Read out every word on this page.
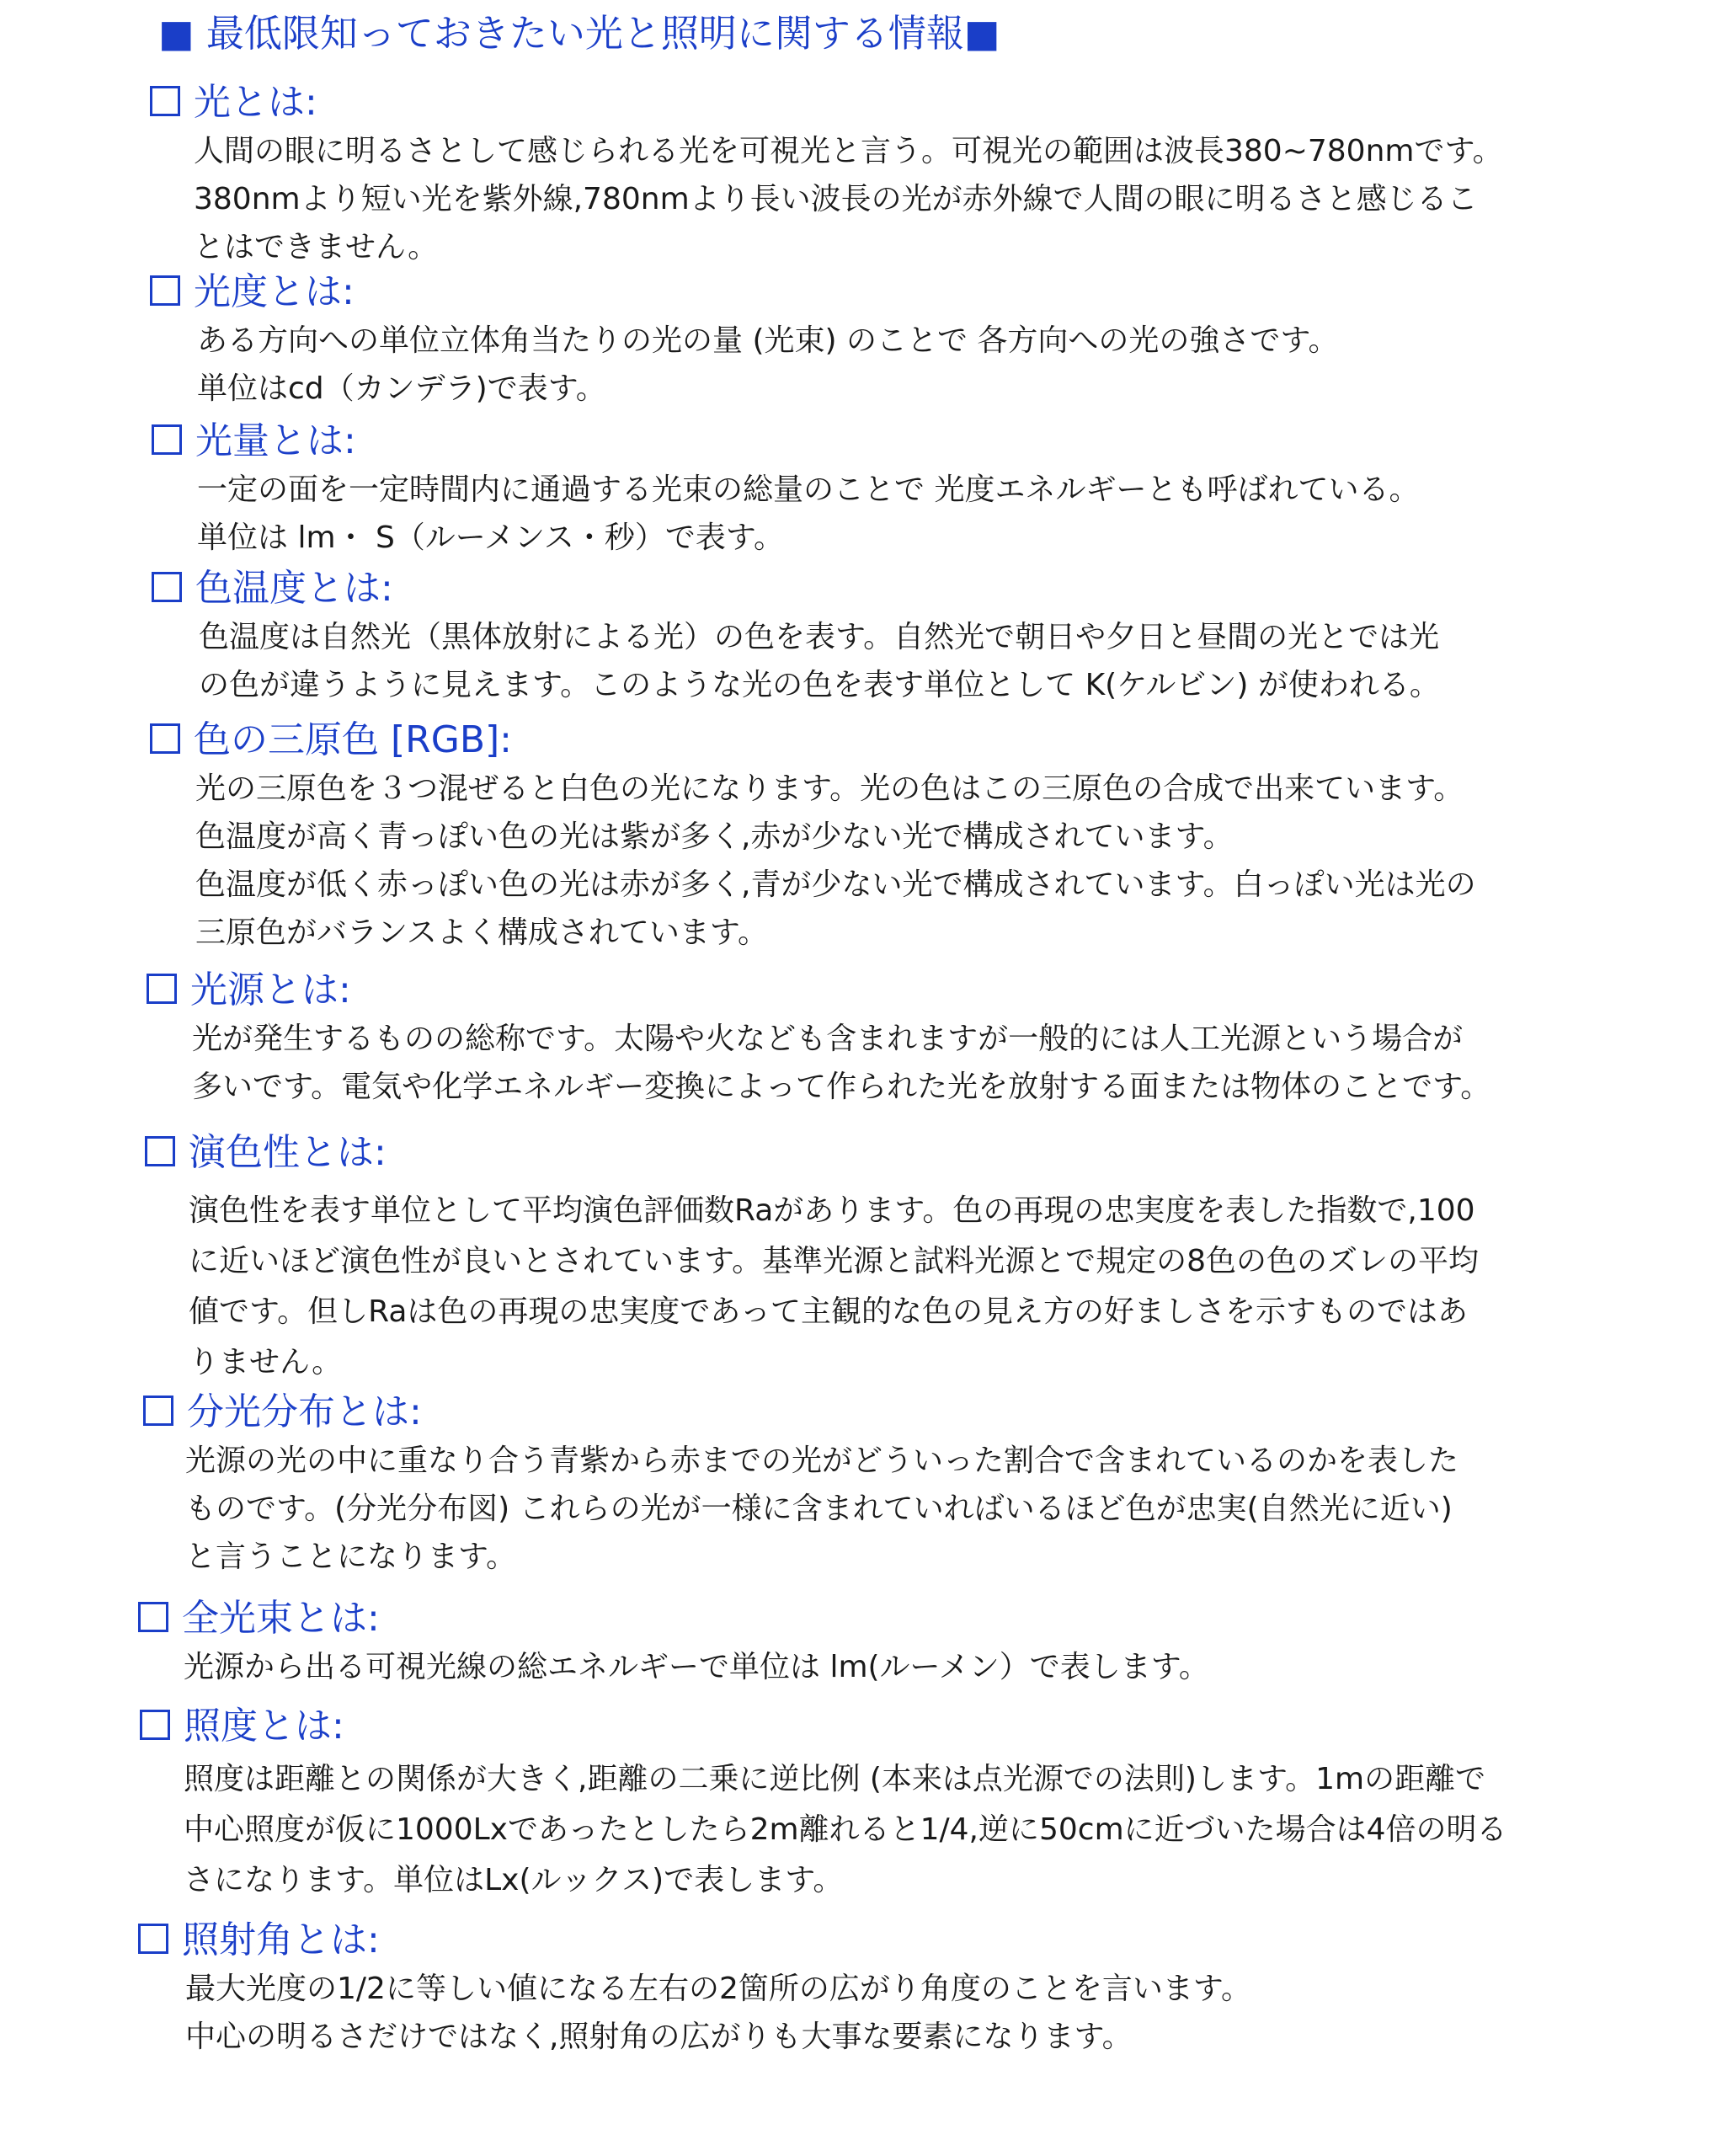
■ 最低限知っておきたい光と照明に関する情報■
光とは:

人間の眼に明るさとして感じられる光を可視光と言う。可視光の範囲は波長380~780nmです。
380nmより短い光を紫外線,780nmより長い波長の光が赤外線で人間の眼に明るさと感じるこ
とはできません。

光度とは:

ある方向への単位立体角当たりの光の量 (光束) のことで 各方向への光の強さです。
単位はcd（カンデラ)で表す。

光量とは:

一定の面を一定時間内に通過する光束の総量のことで 光度エネルギーとも呼ばれている。
単位は lm・ S（ルーメンス・秒）で表す。

色温度とは:

色温度は自然光（黒体放射による光）の色を表す。自然光で朝日や夕日と昼間の光とでは光
の色が違うように見えます。このような光の色を表す単位として K(ケルビン) が使われる。

色の三原色 [RGB]:

光の三原色を３つ混ぜると白色の光になります。光の色はこの三原色の合成で出来ています。
色温度が高く青っぽい色の光は紫が多く,赤が少ない光で構成されています。
色温度が低く赤っぽい色の光は赤が多く,青が少ない光で構成されています。白っぽい光は光の
三原色がバランスよく構成されています。

光源とは:

光が発生するものの総称です。太陽や火なども含まれますが一般的には人工光源という場合が
多いです。電気や化学エネルギー変換によって作られた光を放射する面または物体のことです。

演色性とは:

演色性を表す単位として平均演色評価数Raがあります。色の再現の忠実度を表した指数で,100
に近いほど演色性が良いとされています。基準光源と試料光源とで規定の8色の色のズレの平均
値です。但しRaは色の再現の忠実度であって主観的な色の見え方の好ましさを示すものではあ
りません。

分光分布とは:

光源の光の中に重なり合う青紫から赤までの光がどういった割合で含まれているのかを表した
ものです。(分光分布図) これらの光が一様に含まれていればいるほど色が忠実(自然光に近い)
と言うことになります。

全光束とは:

光源から出る可視光線の総エネルギーで単位は lm(ルーメン）で表します。

照度とは:

照度は距離との関係が大きく,距離の二乗に逆比例 (本来は点光源での法則)します。1mの距離で
中心照度が仮に1000Lxであったとしたら2m離れると1/4,逆に50cmに近づいた場合は4倍の明る
さになります。単位はLx(ルックス)で表します。

照射角とは:

最大光度の1/2に等しい値になる左右の2箇所の広がり角度のことを言います。
中心の明るさだけではなく,照射角の広がりも大事な要素になります。
